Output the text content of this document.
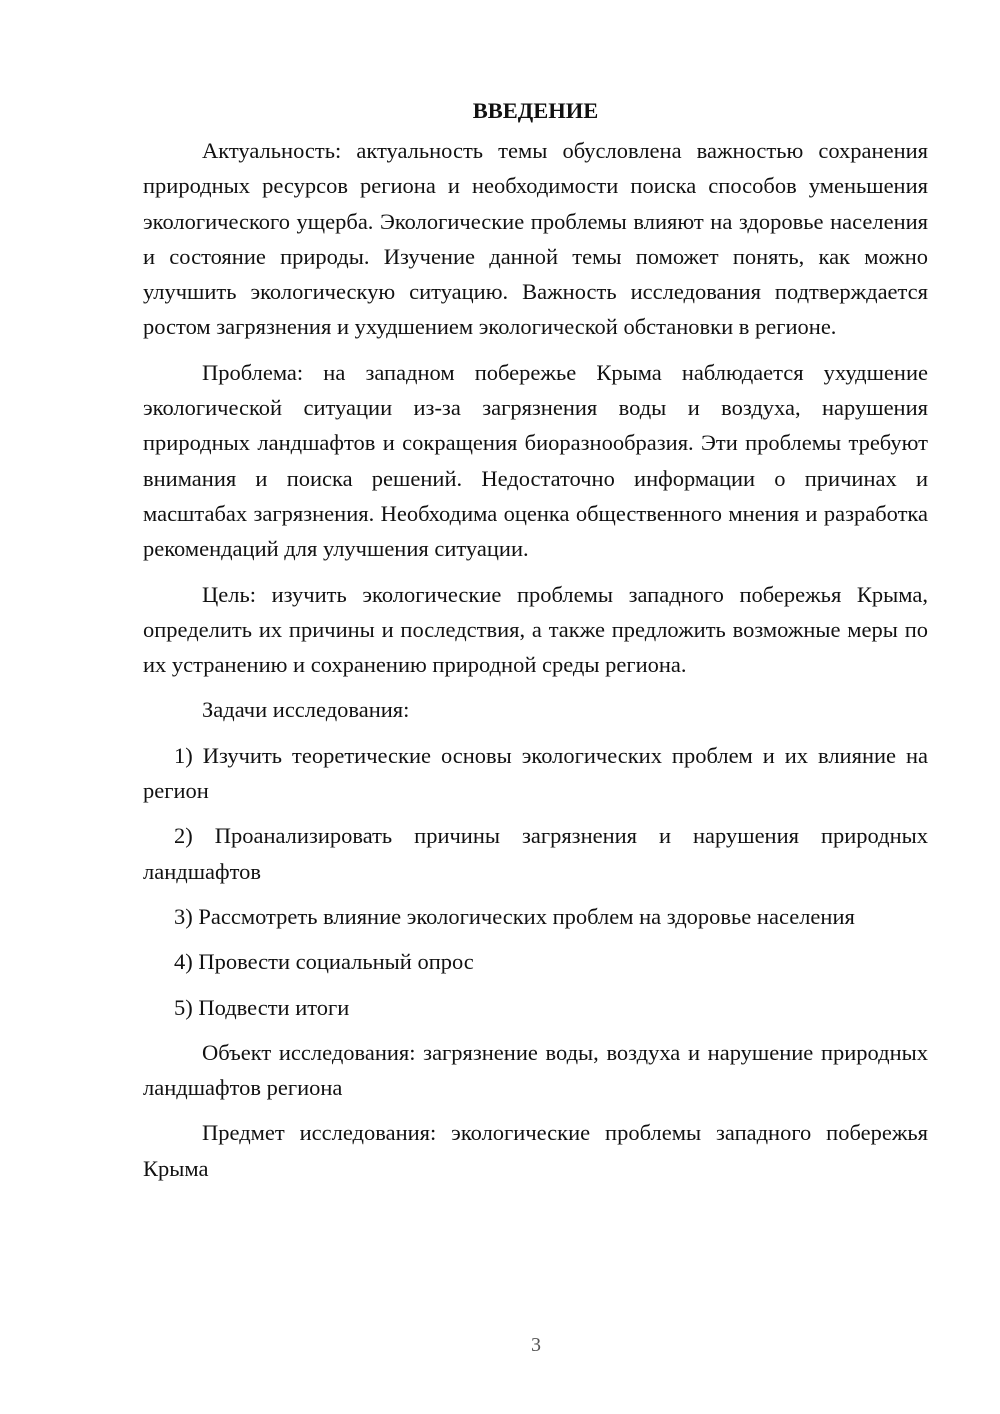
ВВЕДЕНИЕ

Актуальность: актуальность темы обусловлена важностью сохранения природных ресурсов региона и необходимости поиска способов уменьшения экологического ущерба. Экологические проблемы влияют на здоровье населения и состояние природы. Изучение данной темы поможет понять, как можно улучшить экологическую ситуацию. Важность исследования подтверждается ростом загрязнения и ухудшением экологической обстановки в регионе.

Проблема: на западном побережье Крыма наблюдается ухудшение экологической ситуации из-за загрязнения воды и воздуха, нарушения природных ландшафтов и сокращения биоразнообразия. Эти проблемы требуют внимания и поиска решений. Недостаточно информации о причинах и масштабах загрязнения. Необходима оценка общественного мнения и разработка рекомендаций для улучшения ситуации.

Цель: изучить экологические проблемы западного побережья Крыма, определить их причины и последствия, а также предложить возможные меры по их устранению и сохранению природной среды региона.

Задачи исследования:

1) Изучить теоретические основы экологических проблем и их влияние на регион

2) Проанализировать причины загрязнения и нарушения природных ландшафтов

3) Рассмотреть влияние экологических проблем на здоровье населения

4) Провести социальный опрос

5) Подвести итоги

Объект исследования: загрязнение воды, воздуха и нарушение природных ландшафтов региона

Предмет исследования: экологические проблемы западного побережья Крыма

3
